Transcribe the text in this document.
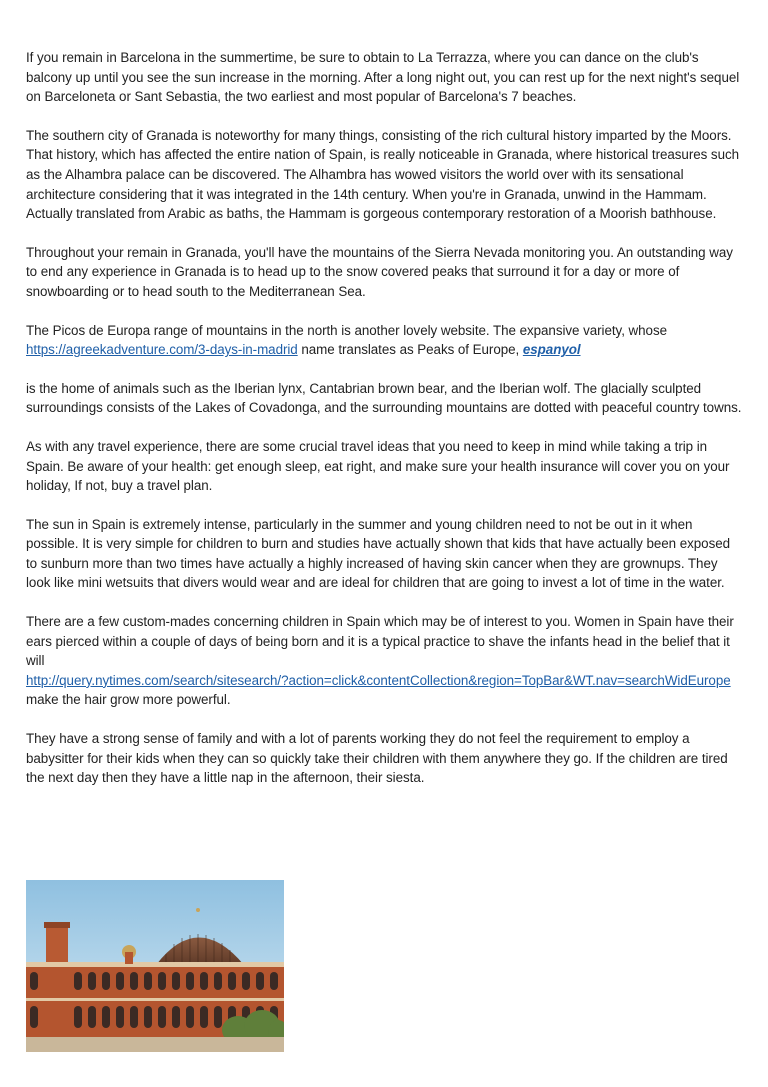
If you remain in Barcelona in the summertime, be sure to obtain to La Terrazza, where you can dance on the club's balcony up until you see the sun increase in the morning. After a long night out, you can rest up for the next night's sequel on Barceloneta or Sant Sebastia, the two earliest and most popular of Barcelona's 7 beaches.

The southern city of Granada is noteworthy for many things, consisting of the rich cultural history imparted by the Moors. That history, which has affected the entire nation of Spain, is really noticeable in Granada, where historical treasures such as the Alhambra palace can be discovered. The Alhambra has wowed visitors the world over with its sensational architecture considering that it was integrated in the 14th century. When you're in Granada, unwind in the Hammam. Actually translated from Arabic as baths, the Hammam is gorgeous contemporary restoration of a Moorish bathhouse.

Throughout your remain in Granada, you'll have the mountains of the Sierra Nevada monitoring you. An outstanding way to end any experience in Granada is to head up to the snow covered peaks that surround it for a day or more of snowboarding or to head south to the Mediterranean Sea.

The Picos de Europa range of mountains in the north is another lovely website. The expansive variety, whose https://agreekadventure.com/3-days-in-madrid name translates as Peaks of Europe, espanyol

is the home of animals such as the Iberian lynx, Cantabrian brown bear, and the Iberian wolf. The glacially sculpted surroundings consists of the Lakes of Covadonga, and the surrounding mountains are dotted with peaceful country towns.

As with any travel experience, there are some crucial travel ideas that you need to keep in mind while taking a trip in Spain. Be aware of your health: get enough sleep, eat right, and make sure your health insurance will cover you on your holiday, If not, buy a travel plan.

The sun in Spain is extremely intense, particularly in the summer and young children need to not be out in it when possible. It is very simple for children to burn and studies have actually shown that kids that have actually been exposed to sunburn more than two times have actually a highly increased of having skin cancer when they are grownups. They look like mini wetsuits that divers would wear and are ideal for children that are going to invest a lot of time in the water.

There are a few custom-mades concerning children in Spain which may be of interest to you. Women in Spain have their ears pierced within a couple of days of being born and it is a typical practice to shave the infants head in the belief that it will
http://query.nytimes.com/search/sitesearch/?action=click&contentCollection&region=TopBar&WT.nav=searchWidEurope
make the hair grow more powerful.

They have a strong sense of family and with a lot of parents working they do not feel the requirement to employ a babysitter for their kids when they can so quickly take their children with them anywhere they go. If the children are tired the next day then they have a little nap in the afternoon, their siesta.
